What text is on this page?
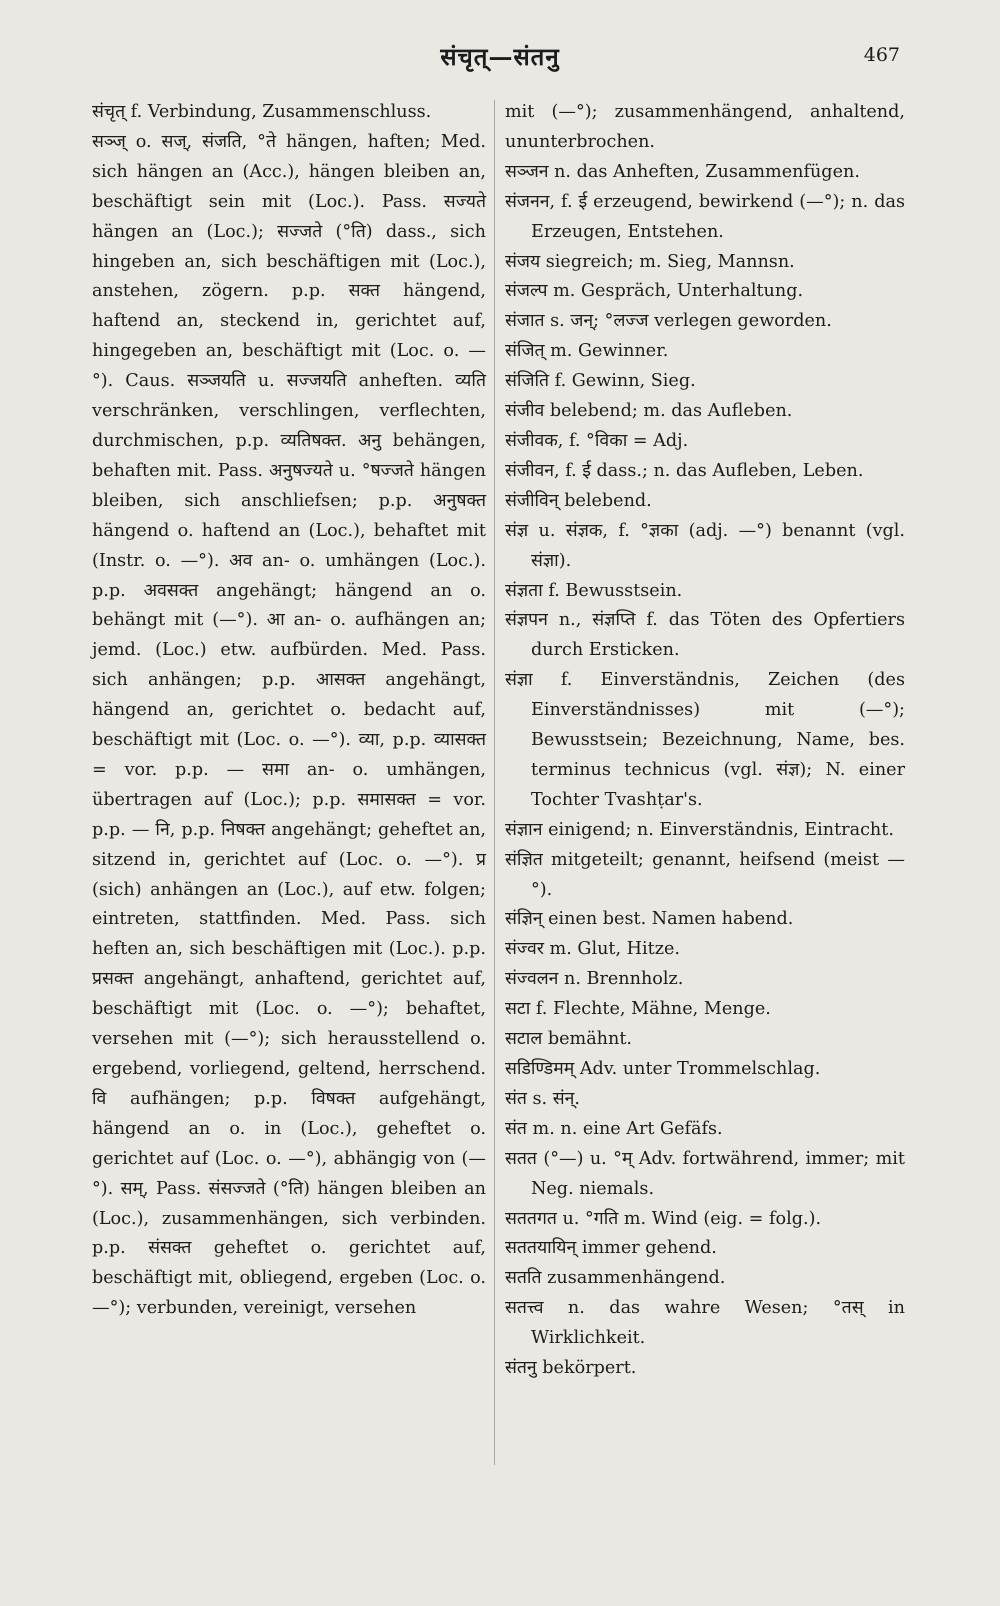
संचृत्—संतनु	467

संचृत् f. Verbindung, Zusammenschluss.

सञ्ज् o. सज्, संजति, °ते hängen, haften; Med. sich hängen an (Acc.), hängen bleiben an, beschäftigt sein mit (Loc.). Pass. सज्यते hängen an (Loc.); सज्जते (°ति) dass., sich hingeben an, sich beschäftigen mit (Loc.), anstehen, zögern. p.p. सक्त hängend, haftend an, steckend in, gerichtet auf, hingegeben an, beschäftigt mit (Loc. o. —°). Caus. सञ्जयति u. सज्जयति anheften. व्यति verschränken, verschlingen, verflechten, durchmischen, p.p. व्यतिषक्त. अनु behängen, behaften mit. Pass. अनुषज्यते u. °षज्जते hängen bleiben, sich anschliefsen; p.p. अनुषक्त hängend o. haftend an (Loc.), behaftet mit (Instr. o. —°). अव an- o. umhängen (Loc.). p.p. अवसक्त angehängt; hängend an o. behängt mit (—°). आ an- o. aufhängen an; jemd. (Loc.) etw. aufbürden. Med. Pass. sich anhängen; p.p. आसक्त angehängt, hängend an, gerichtet o. bedacht auf, beschäftigt mit (Loc. o. —°). व्या, p.p. व्यासक्त = vor. p.p. — समा an- o. umhängen, übertragen auf (Loc.); p.p. समासक्त = vor. p.p. — नि, p.p. निषक्त angehängt; geheftet an, sitzend in, gerichtet auf (Loc. o. —°). प्र (sich) anhängen an (Loc.), auf etw. folgen; eintreten, stattfinden. Med. Pass. sich heften an, sich beschäftigen mit (Loc.). p.p. प्रसक्त angehängt, anhaftend, gerichtet auf, beschäftigt mit (Loc. o. —°); behaftet, versehen mit (—°); sich herausstellend o. ergebend, vorliegend, geltend, herrschend. वि aufhängen; p.p. विषक्त aufgehängt, hängend an o. in (Loc.), geheftet o. gerichtet auf (Loc. o. —°), abhängig von (—°). सम्, Pass. संसज्जते (°ति) hängen bleiben an (Loc.), zusammenhängen, sich verbinden. p.p. संसक्त geheftet o. gerichtet auf, beschäftigt mit, obliegend, ergeben (Loc. o. —°); verbunden, vereinigt, versehen

mit (—°); zusammenhängend, anhaltend, ununterbrochen.

सञ्जन n. das Anheften, Zusammenfügen.

संजनन, f. ई erzeugend, bewirkend (—°); n. das Erzeugen, Entstehen.

संजय siegreich; m. Sieg, Mannsn.

संजल्प m. Gespräch, Unterhaltung.

संजात s. जन्; °लज्ज verlegen geworden.

संजित् m. Gewinner.

संजिति f. Gewinn, Sieg.

संजीव belebend; m. das Aufleben.

संजीवक, f. °विका = Adj.

संजीवन, f. ई dass.; n. das Aufleben, Leben.

संजीविन् belebend.

संज्ञ u. संज्ञक, f. °ज्ञका (adj. —°) benannt (vgl. संज्ञा).

संज्ञता f. Bewusstsein.

संज्ञपन n., संज्ञप्ति f. das Töten des Opfertiers durch Ersticken.

संज्ञा f. Einverständnis, Zeichen (des Einverständnisses) mit (—°); Bewusstsein; Bezeichnung, Name, bes. terminus technicus (vgl. संज्ञ); N. einer Tochter Tvashṭar's.

संज्ञान einigend; n. Einverständnis, Eintracht.

संज्ञित mitgeteilt; genannt, heifsend (meist —°).

संज्ञिन् einen best. Namen habend.

संज्वर m. Glut, Hitze.

संज्वलन n. Brennholz.

सटा f. Flechte, Mähne, Menge.

सटाल bemähnt.

सडिण्डिमम् Adv. unter Trommelschlag.

संत s. संन्.

संत m. n. eine Art Gefäfs.

सतत (°—) u. °म् Adv. fortwährend, immer; mit Neg. niemals.

सततगत u. °गति m. Wind (eig. = folg.).

सततयायिन् immer gehend.

सतति zusammenhängend.

सतत्त्व n. das wahre Wesen; °तस् in Wirklichkeit.

संतनु bekörpert.
